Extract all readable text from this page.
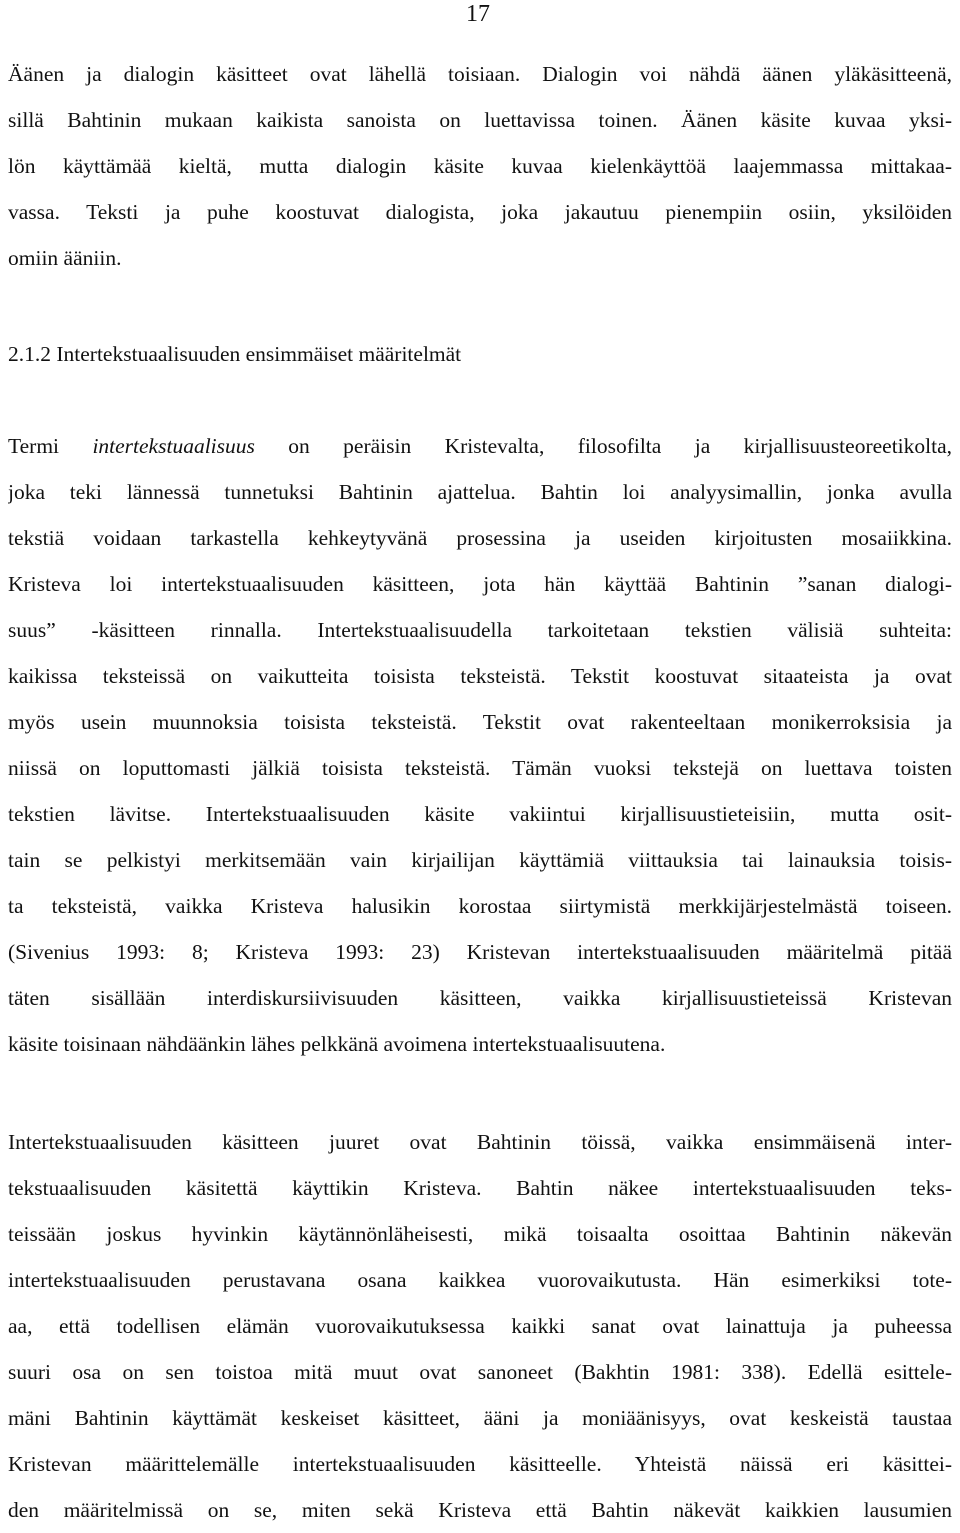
17
Äänen ja dialogin käsitteet ovat lähellä toisiaan. Dialogin voi nähdä äänen yläkäsitteenä,
sillä Bahtinin mukaan kaikista sanoista on luettavissa toinen. Äänen käsite kuvaa yksi-
lön käyttämää kieltä, mutta dialogin käsite kuvaa kielenkäyttöä laajemmassa mittakaa-
vassa. Teksti ja puhe koostuvat dialogista, joka jakautuu pienempiin osiin, yksilöiden
omiin ääniin.
2.1.2 Intertekstuaalisuuden ensimmäiset määritelmät
Termi intertekstuaalisuus on peräisin Kristevalta, filosofilta ja kirjallisuusteoreetikolta,
joka teki lännessä tunnetuksi Bahtinin ajattelua. Bahtin loi analyysimallin, jonka avulla
tekstiä voidaan tarkastella kehkeytyvänä prosessina ja useiden kirjoitusten mosaiikkina.
Kristeva loi intertekstuaalisuuden käsitteen, jota hän käyttää Bahtinin ”sanan dialogi-
suus” -käsitteen rinnalla. Intertekstuaalisuudella tarkoitetaan tekstien välisiä suhteita:
kaikissa teksteissä on vaikutteita toisista teksteistä. Tekstit koostuvat sitaateista ja ovat
myös usein muunnoksia toisista teksteistä. Tekstit ovat rakenteeltaan monikerroksisia ja
niissä on loputtomasti jälkiä toisista teksteistä. Tämän vuoksi tekstejä on luettava toisten
tekstien lävitse. Intertekstuaalisuuden käsite vakiintui kirjallisuustieteisiin, mutta osit-
tain se pelkistyi merkitsemään vain kirjailijan käyttämiä viittauksia tai lainauksia toisis-
ta teksteistä, vaikka Kristeva halusikin korostaa siirtymistä merkkijärjestelmästä toiseen.
(Sivenius 1993: 8; Kristeva 1993: 23) Kristevan intertekstuaalisuuden määritelmä pitää
täten sisällään interdiskursiivisuuden käsitteen, vaikka kirjallisuustieteissä Kristevan
käsite toisinaan nähdäänkin lähes pelkkänä avoimena intertekstuaalisuutena.
Intertekstuaalisuuden käsitteen juuret ovat Bahtinin töissä, vaikka ensimmäisenä inter-
tekstuaalisuuden käsitettä käyttikin Kristeva. Bahtin näkee intertekstuaalisuuden teks-
teissään joskus hyvinkin käytännönläheisesti, mikä toisaalta osoittaa Bahtinin näkevän
intertekstuaalisuuden perustavana osana kaikkea vuorovaikutusta. Hän esimerkiksi tote-
aa, että todellisen elämän vuorovaikutuksessa kaikki sanat ovat lainattuja ja puheessa
suuri osa on sen toistoa mitä muut ovat sanoneet (Bakhtin 1981: 338). Edellä esittele-
mäni Bahtinin käyttämät keskeiset käsitteet, ääni ja moniäänisyys, ovat keskeistä taustaa
Kristevan määrittelemälle intertekstuaalisuuden käsitteelle. Yhteistä näissä eri käsittei-
den määritelmissä on se, miten sekä Kristeva että Bahtin näkevät kaikkien lausumien
